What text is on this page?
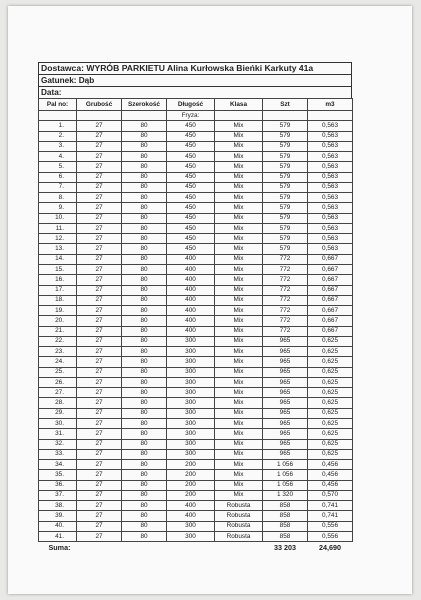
Dostawca: WYRÓB PARKIETU Alina Kurłowska Bieńki Karkuty 41a
Gatunek: Dąb
Data:
Pal no:	Grubość	Szerokość	Długość	Klasa	Szt	m3
			Fryza:			
1.	27	80	450	Mix	579	0,563
2.	27	80	450	Mix	579	0,563
3.	27	80	450	Mix	579	0,563
4.	27	80	450	Mix	579	0,563
5.	27	80	450	Mix	579	0,563
6.	27	80	450	Mix	579	0,563
7.	27	80	450	Mix	579	0,563
8.	27	80	450	Mix	579	0,563
9.	27	80	450	Mix	579	0,563
10.	27	80	450	Mix	579	0,563
11.	27	80	450	Mix	579	0,563
12.	27	80	450	Mix	579	0,563
13.	27	80	450	Mix	579	0,563
14.	27	80	400	Mix	772	0,667
15.	27	80	400	Mix	772	0,667
16.	27	80	400	Mix	772	0,667
17.	27	80	400	Mix	772	0,667
18.	27	80	400	Mix	772	0,667
19.	27	80	400	Mix	772	0,667
20.	27	80	400	Mix	772	0,667
21.	27	80	400	Mix	772	0,667
22.	27	80	300	Mix	965	0,625
23.	27	80	300	Mix	965	0,625
24.	27	80	300	Mix	965	0,625
25.	27	80	300	Mix	965	0,625
26.	27	80	300	Mix	965	0,625
27.	27	80	300	Mix	965	0,625
28.	27	80	300	Mix	965	0,625
29.	27	80	300	Mix	965	0,625
30.	27	80	300	Mix	965	0,625
31.	27	80	300	Mix	965	0,625
32.	27	80	300	Mix	965	0,625
33.	27	80	300	Mix	965	0,625
34.	27	80	200	Mix	1 056	0,456
35.	27	80	200	Mix	1 056	0,456
36.	27	80	200	Mix	1 056	0,456
37.	27	80	200	Mix	1 320	0,570
38.	27	80	400	Robusta	858	0,741
39.	27	80	400	Robusta	858	0,741
40.	27	80	300	Robusta	858	0,556
41.	27	80	300	Robusta	858	0,556
Suma:					33 203	24,690
